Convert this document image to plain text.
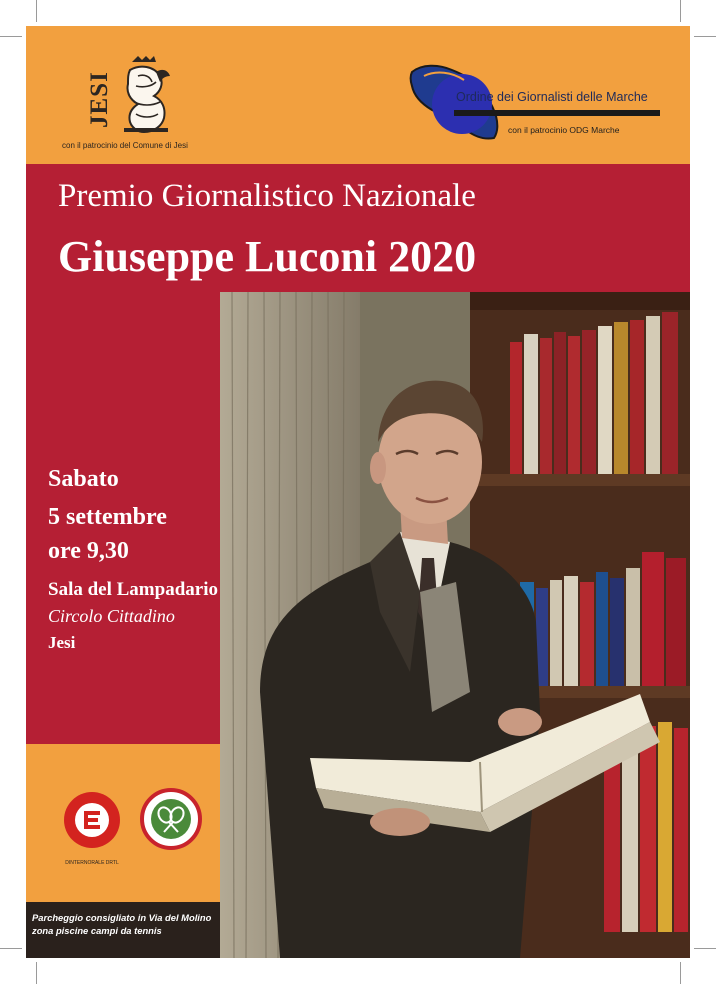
JESI
con il patrocinio del Comune di Jesi
Ordine dei Giornalisti delle Marche
con il patrocinio ODG Marche
Premio Giornalistico Nazionale
Giuseppe Luconi 2020
Sabato
5 settembre
ore 9,30
Sala del Lampadario
Circolo Cittadino
Jesi
DINTERNORALE DRTL
Parcheggio consigliato in Via del Molino
zona piscine campi da tennis
